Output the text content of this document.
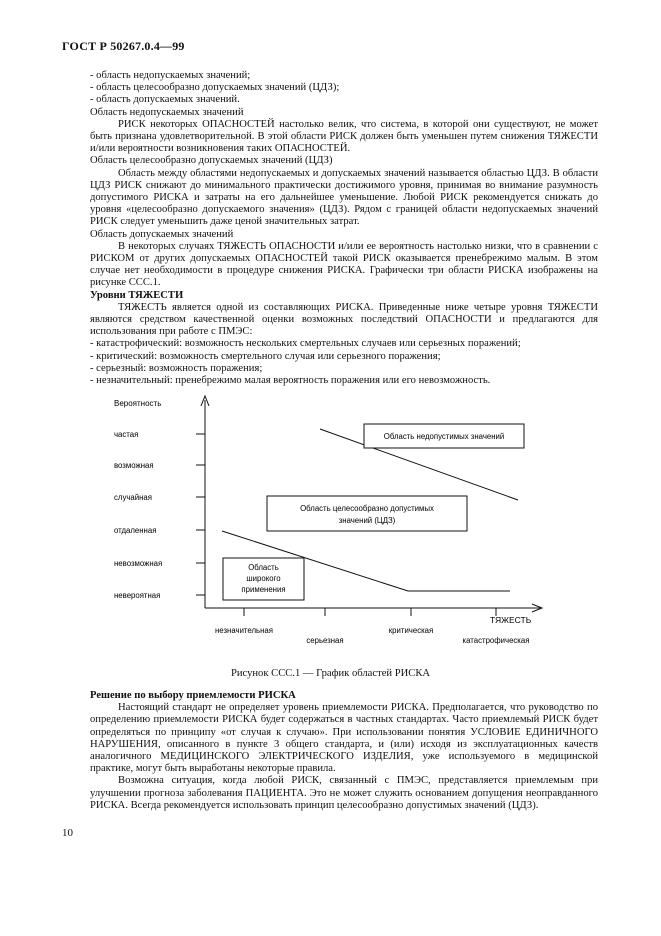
ГОСТ Р 50267.0.4—99

- область недопускаемых значений;

- область целесообразно допускаемых значений (ЦДЗ);

- область допускаемых значений.

Область недопускаемых значений

РИСК некоторых ОПАСНОСТЕЙ настолько велик, что система, в которой они существуют, не может быть признана удовлетворительной. В этой области РИСК должен быть уменьшен путем снижения ТЯЖЕСТИ и/или вероятности возникновения таких ОПАСНОСТЕЙ.

Область целесообразно допускаемых значений (ЦДЗ)

Область между областями недопускаемых и допускаемых значений называется областью ЦДЗ. В области ЦДЗ РИСК снижают до минимального практически достижимого уровня, принимая во внимание разумность допустимого РИСКА и затраты на его дальнейшее уменьшение. Любой РИСК рекомендуется снижать до уровня «целесообразно допускаемого значения» (ЦДЗ). Рядом с границей области недопускаемых значений РИСК следует уменьшить даже ценой значительных затрат.

Область допускаемых значений

В некоторых случаях ТЯЖЕСТЬ ОПАСНОСТИ и/или ее вероятность настолько низки, что в сравнении с РИСКОМ от других допускаемых ОПАСНОСТЕЙ такой РИСК оказывается пренебрежимо малым. В этом случае нет необходимости в процедуре снижения РИСКА. Графически три области РИСКА изображены на рисунке ССС.1.

Уровни ТЯЖЕСТИ

ТЯЖЕСТЬ является одной из составляющих РИСКА. Приведенные ниже четыре уровня ТЯЖЕСТИ являются средством качественной оценки возможных последствий ОПАСНОСТИ и предлагаются для использования при работе с ПМЭС:

- катастрофический: возможность нескольких смертельных случаев или серьезных поражений;

- критический: возможность смертельного случая или серьезного поражения;

- серьезный: возможность поражения;

- незначительный: пренебрежимо малая вероятность поражения или его невозможность.

Вероятность
ТЯЖЕСТЬ
частая
возможная
случайная
отдаленная
невозможная
невероятная
незначительная
серьезная
критическая
катастрофическая
Область недопустимых значений
Область целесообразно допустимых
значений (ЦДЗ)
Область
широкого
применения
Рисунок ССС.1 — График областей РИСКА

Решение по выбору приемлемости РИСКА

Настоящий стандарт не определяет уровень приемлемости РИСКА. Предполагается, что руководство по определению приемлемости РИСКА будет содержаться в частных стандартах. Часто приемлемый РИСК будет определяться по принципу «от случая к случаю». При использовании понятия УСЛОВИЕ ЕДИНИЧНОГО НАРУШЕНИЯ, описанного в пункте 3 общего стандарта, и (или) исходя из эксплуатационных качеств аналогичного МЕДИЦИНСКОГО ЭЛЕКТРИЧЕСКОГО ИЗДЕЛИЯ, уже используемого в медицинской практике, могут быть выработаны некоторые правила.

Возможна ситуация, когда любой РИСК, связанный с ПМЭС, представляется приемлемым при улучшении прогноза заболевания ПАЦИЕНТА. Это не может служить основанием допущения неоправданного РИСКА. Всегда рекомендуется использовать принцип целесообразно допустимых значений (ЦДЗ).

10
